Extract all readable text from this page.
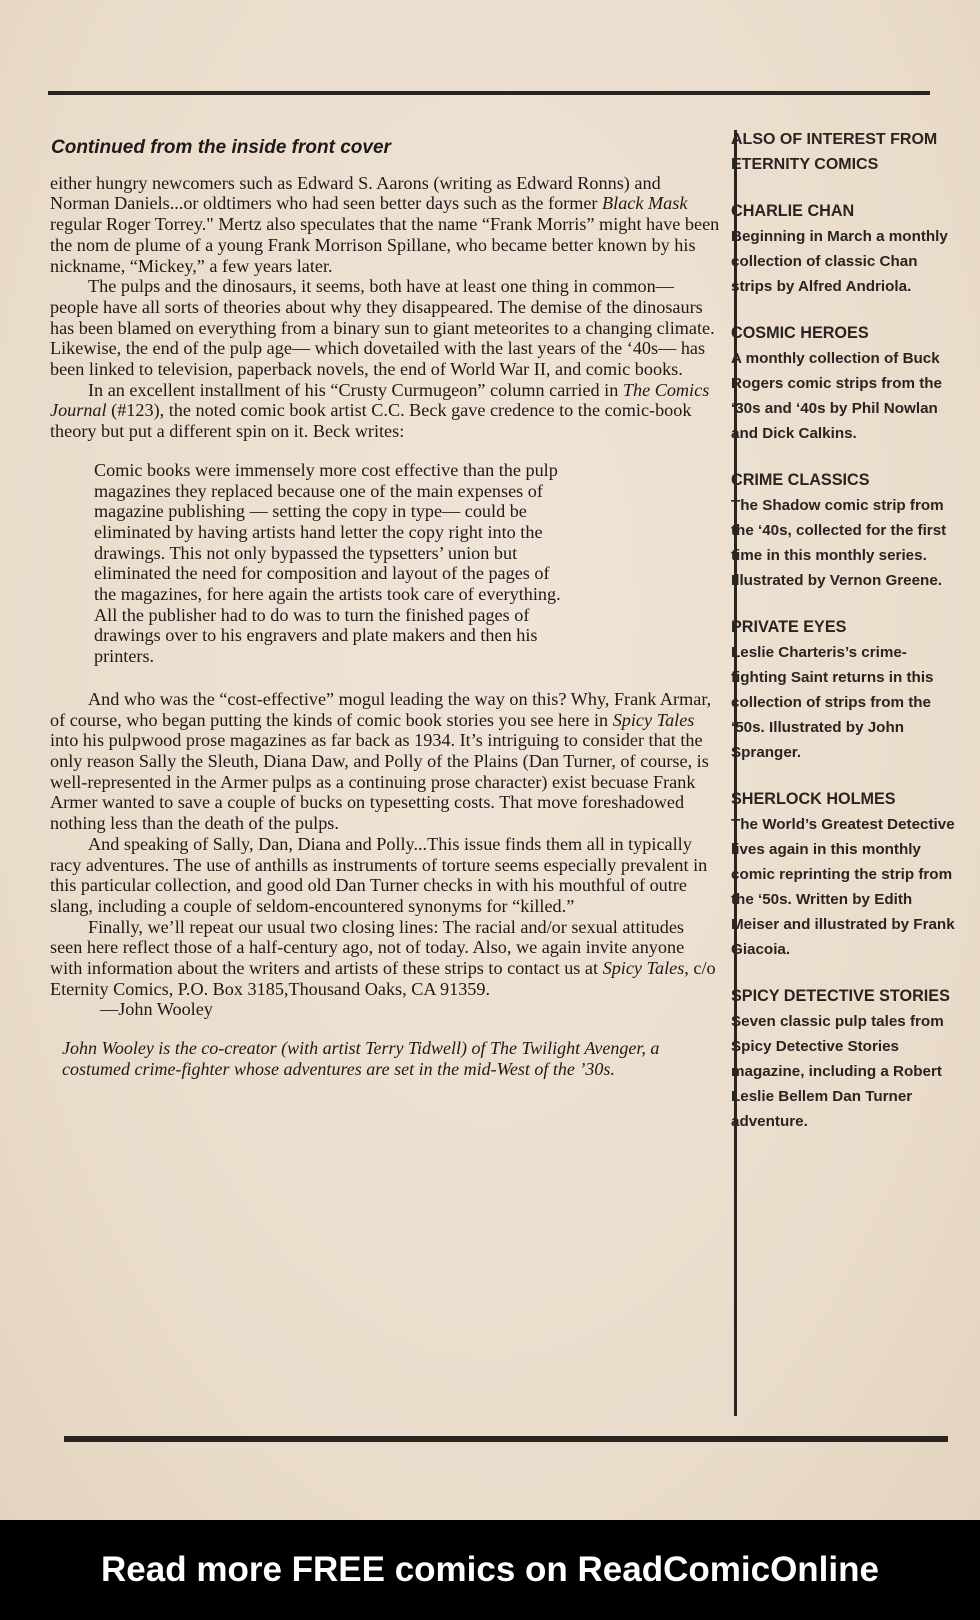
Continued from the inside front cover

either hungry newcomers such as Edward S. Aarons (writing as Edward Ronns) and Norman Daniels...or oldtimers who had seen better days such as the former Black Mask regular Roger Torrey." Mertz also speculates that the name “Frank Morris” might have been the nom de plume of a young Frank Morrison Spillane, who became better known by his nickname, “Mickey,” a few years later.

The pulps and the dinosaurs, it seems, both have at least one thing in common— people have all sorts of theories about why they disappeared. The demise of the dinosaurs has been blamed on everything from a binary sun to giant meteorites to a changing climate. Likewise, the end of the pulp age— which dovetailed with the last years of the ‘40s— has been linked to television, paperback novels, the end of World War II, and comic books.

In an excellent installment of his “Crusty Curmugeon” column carried in The Comics Journal (#123), the noted comic book artist C.C. Beck gave credence to the comic-book theory but put a different spin on it. Beck writes:

Comic books were immensely more cost effective than the pulp magazines they replaced because one of the main expenses of magazine publishing — setting the copy in type— could be eliminated by having artists hand letter the copy right into the drawings. This not only bypassed the typsetters’ union but eliminated the need for composition and layout of the pages of the magazines, for here again the artists took care of everything. All the publisher had to do was to turn the finished pages of drawings over to his engravers and plate makers and then his printers.

And who was the “cost-effective” mogul leading the way on this? Why, Frank Armar, of course, who began putting the kinds of comic book stories you see here in Spicy Tales into his pulpwood prose magazines as far back as 1934. It’s intriguing to consider that the only reason Sally the Sleuth, Diana Daw, and Polly of the Plains (Dan Turner, of course, is well-represented in the Armer pulps as a continuing prose character) exist becuase Frank Armer wanted to save a couple of bucks on typesetting costs. That move foreshadowed nothing less than the death of the pulps.

And speaking of Sally, Dan, Diana and Polly...This issue finds them all in typically racy adventures. The use of anthills as instruments of torture seems especially prevalent in this particular collection, and good old Dan Turner checks in with his mouthful of outre slang, including a couple of seldom-encountered synonyms for “killed.”

Finally, we’ll repeat our usual two closing lines: The racial and/or sexual attitudes seen here reflect those of a half-century ago, not of today. Also, we again invite anyone with information about the writers and artists of these strips to contact us at Spicy Tales, c/o Eternity Comics, P.O. Box 3185,Thousand Oaks, CA 91359.

—John Wooley

John Wooley is the co-creator (with artist Terry Tidwell) of The Twilight Avenger, a costumed crime-fighter whose adventures are set in the mid-West of the ’30s.

ALSO OF INTEREST FROM ETERNITY COMICS
CHARLIE CHAN
Beginning in March a monthly collection of classic Chan strips by Alfred Andriola.
COSMIC HEROES
A monthly collection of Buck Rogers comic strips from the ‘30s and ‘40s by Phil Nowlan and Dick Calkins.
CRIME CLASSICS
The Shadow comic strip from the ‘40s, collected for the first time in this monthly series. Illustrated by Vernon Greene.
PRIVATE EYES
Leslie Charteris’s crime-fighting Saint returns in this collection of strips from the ‘50s. Illustrated by John Spranger.
SHERLOCK HOLMES
The World’s Greatest Detective lives again in this monthly comic reprinting the strip from the ‘50s. Written by Edith Meiser and illustrated by Frank Giacoia.
SPICY DETECTIVE STORIES
Seven classic pulp tales from Spicy Detective Stories magazine, including a Robert Leslie Bellem Dan Turner adventure.
Read more FREE comics on ReadComicOnline
